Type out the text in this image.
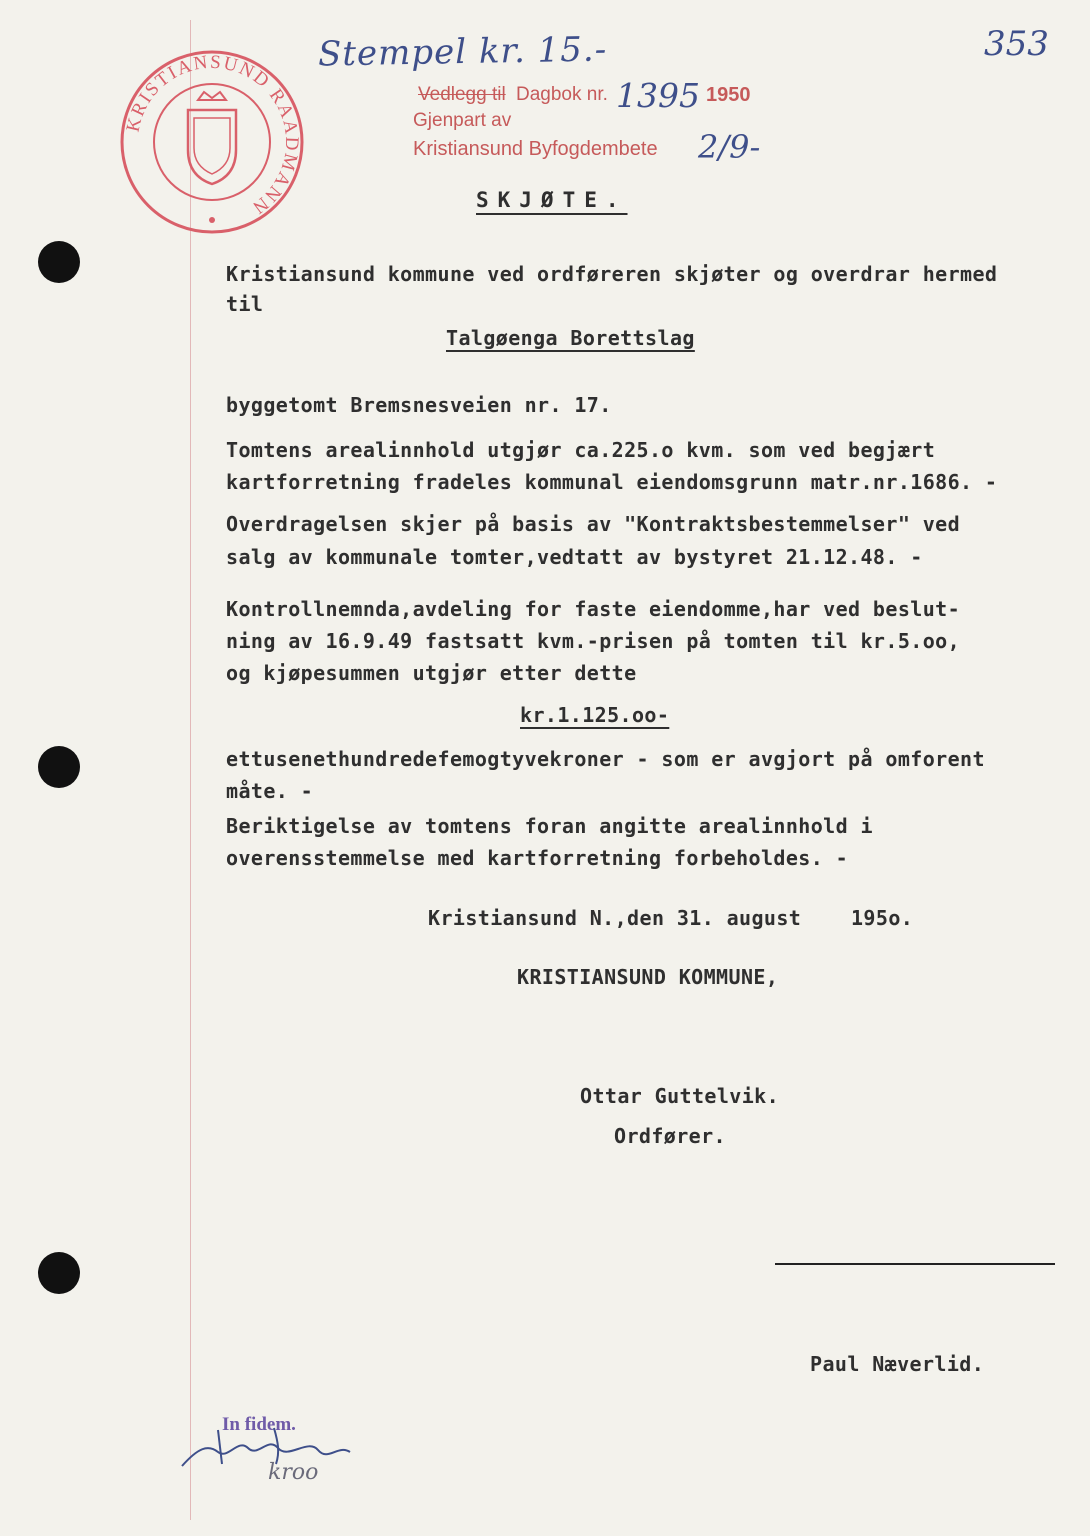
KRISTIANSUND RAADMANN
Stempel kr. 15.-	353
Vedlegg til Dagbok nr. 1395 1950
Gjenpart av
Kristiansund Byfogdembete 2/9-
SKJØTE.
Kristiansund kommune ved ordføreren skjøter og overdrar hermed
til
Talgøenga Borettslag
byggetomt Bremsnesveien nr. 17.
Tomtens arealinnhold utgjør ca.225.o kvm. som ved begjært
kartforretning fradeles kommunal eiendomsgrunn matr.nr.1686. -
Overdragelsen skjer på basis av "Kontraktsbestemmelser" ved
salg av kommunale tomter,vedtatt av bystyret 21.12.48. -
Kontrollnemnda,avdeling for faste eiendomme,har ved beslut-
ning av 16.9.49 fastsatt kvm.-prisen på tomten til kr.5.oo,
og kjøpesummen utgjør etter dette
kr.1.125.oo-
ettusenethundredefemogtyvekroner - som er avgjort på omforent
måte. -
Beriktigelse av tomtens foran angitte arealinnhold i
overensstemmelse med kartforretning forbeholdes. -
Kristiansund N.,den 31. august    195o.
KRISTIANSUND KOMMUNE,
Ottar Guttelvik.
Ordfører.
Paul Næverlid.
In fidem.
kroo
